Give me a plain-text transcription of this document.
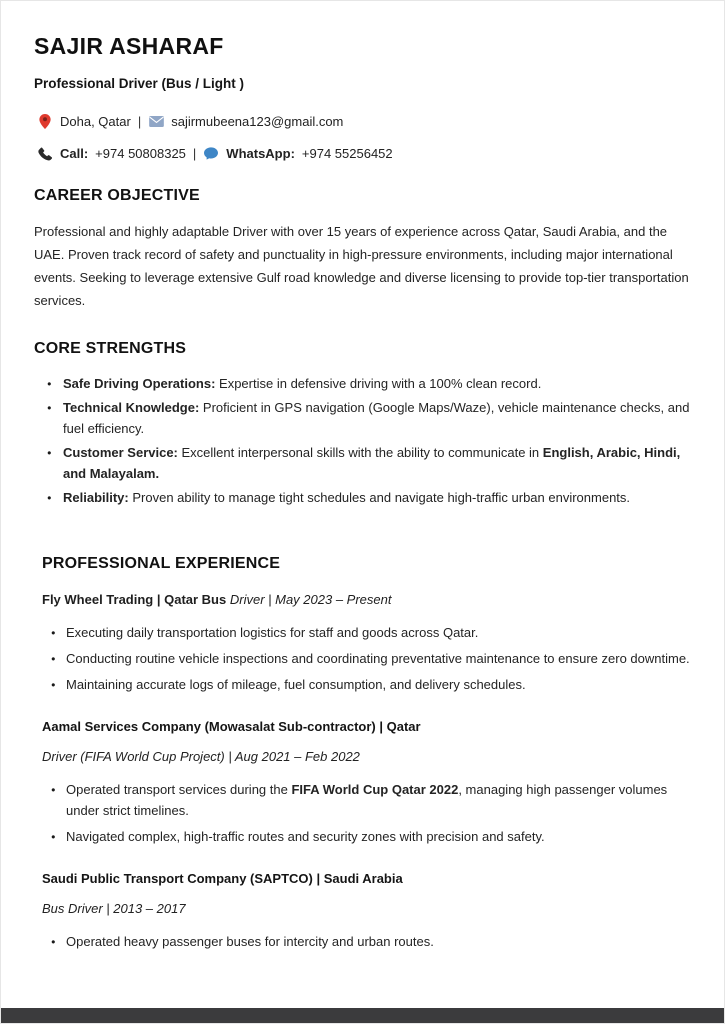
SAJIR ASHARAF
Professional Driver (Bus / Light )
Doha, Qatar | sajirmubeena123@gmail.com
Call: +974 50808325 | WhatsApp: +974 55256452
CAREER OBJECTIVE

Professional and highly adaptable Driver with over 15 years of experience across Qatar, Saudi Arabia, and the UAE. Proven track record of safety and punctuality in high-pressure environments, including major international events. Seeking to leverage extensive Gulf road knowledge and diverse licensing to provide top-tier transportation services.

CORE STRENGTHS
● Safe Driving Operations: Expertise in defensive driving with a 100% clean record.
● Technical Knowledge: Proficient in GPS navigation (Google Maps/Waze), vehicle maintenance checks, and fuel efficiency.
● Customer Service: Excellent interpersonal skills with the ability to communicate in English, Arabic, Hindi, and Malayalam.
● Reliability: Proven ability to manage tight schedules and navigate high-traffic urban environments.
PROFESSIONAL EXPERIENCE
Fly Wheel Trading | Qatar Bus Driver | May 2023 – Present
● Executing daily transportation logistics for staff and goods across Qatar.
● Conducting routine vehicle inspections and coordinating preventative maintenance to ensure zero downtime.
● Maintaining accurate logs of mileage, fuel consumption, and delivery schedules.
Aamal Services Company (Mowasalat Sub-contractor) | Qatar
Driver (FIFA World Cup Project) | Aug 2021 – Feb 2022
● Operated transport services during the FIFA World Cup Qatar 2022, managing high passenger volumes under strict timelines.
● Navigated complex, high-traffic routes and security zones with precision and safety.
Saudi Public Transport Company (SAPTCO) | Saudi Arabia
Bus Driver | 2013 – 2017
● Operated heavy passenger buses for intercity and urban routes.
